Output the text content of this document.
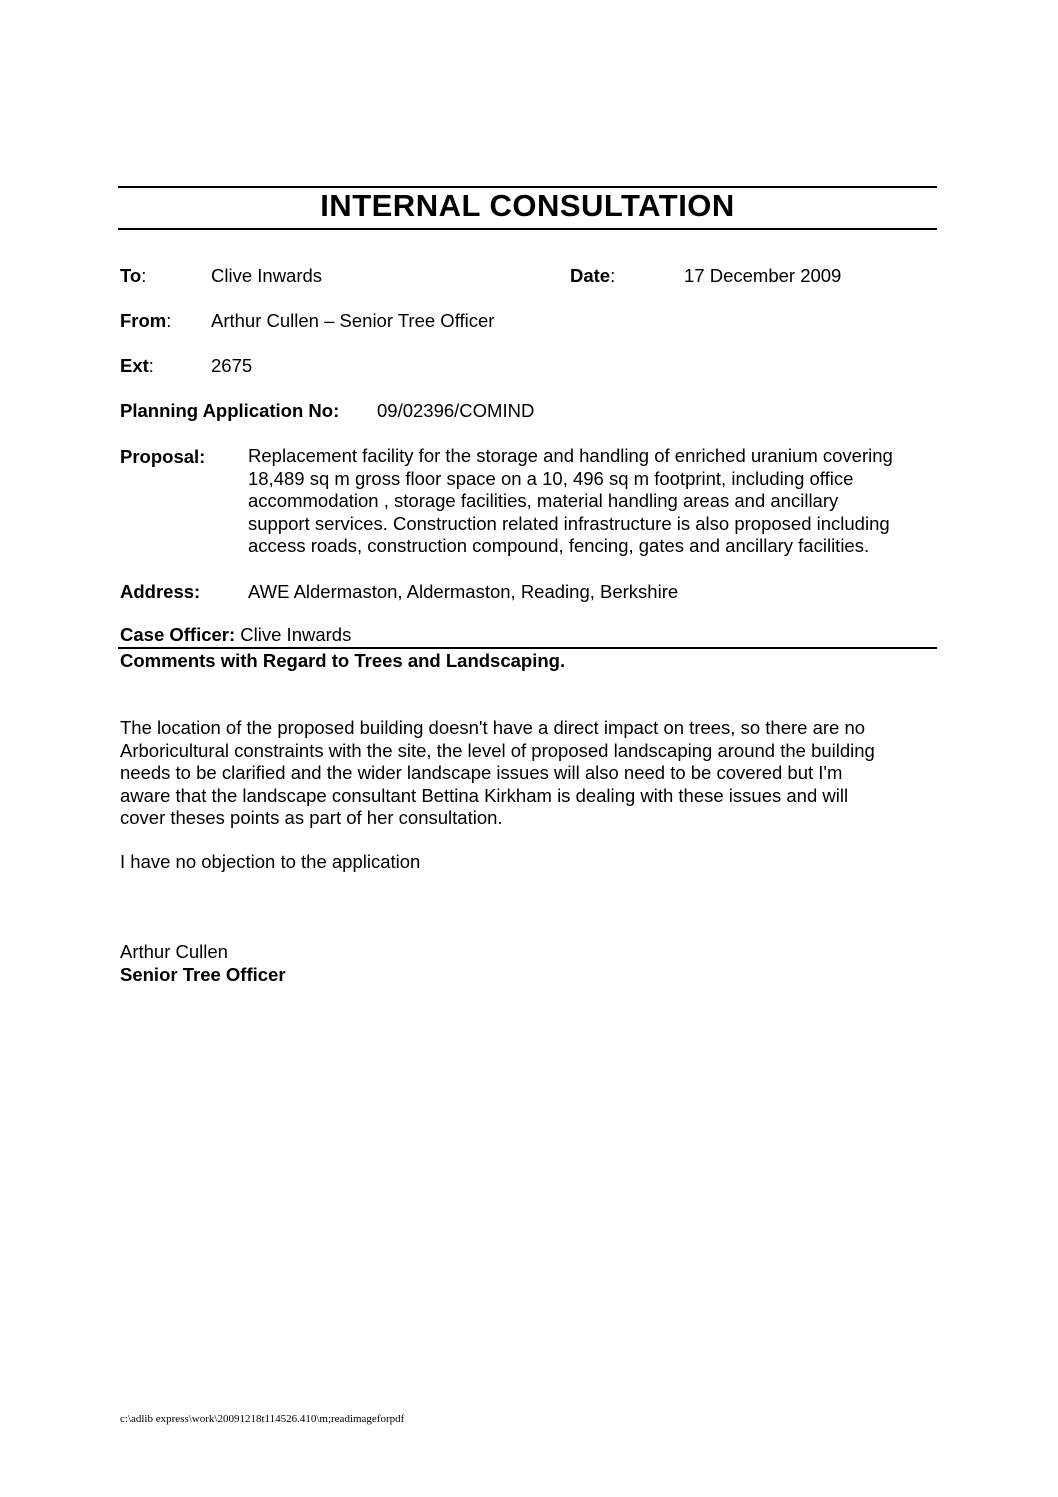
INTERNAL CONSULTATION
To:	Clive Inwards	Date:	17 December 2009
From: Arthur Cullen – Senior Tree Officer
Ext:	2675
Planning Application No: 09/02396/COMIND
Proposal: Replacement facility for the storage and handling of enriched uranium covering
18,489 sq m gross floor space on a 10, 496 sq m footprint, including office
accommodation , storage facilities, material handling areas and ancillary
support services. Construction related infrastructure is also proposed including
access roads, construction compound, fencing, gates and ancillary facilities.
Address:	AWE Aldermaston, Aldermaston, Reading, Berkshire
Case Officer: Clive Inwards
Comments with Regard to Trees and Landscaping.
The location of the proposed building doesn't have a direct impact on trees, so there are no
Arboricultural constraints with the site, the level of proposed landscaping around the building
needs to be clarified and the wider landscape issues will also need to be covered but I'm
aware that the landscape consultant Bettina Kirkham is dealing with these issues and will
cover theses points as part of her consultation.
I have no objection to the application
Arthur Cullen
Senior Tree Officer
c:\adlib express\work\20091218t114526.410\m;readimageforpdf
